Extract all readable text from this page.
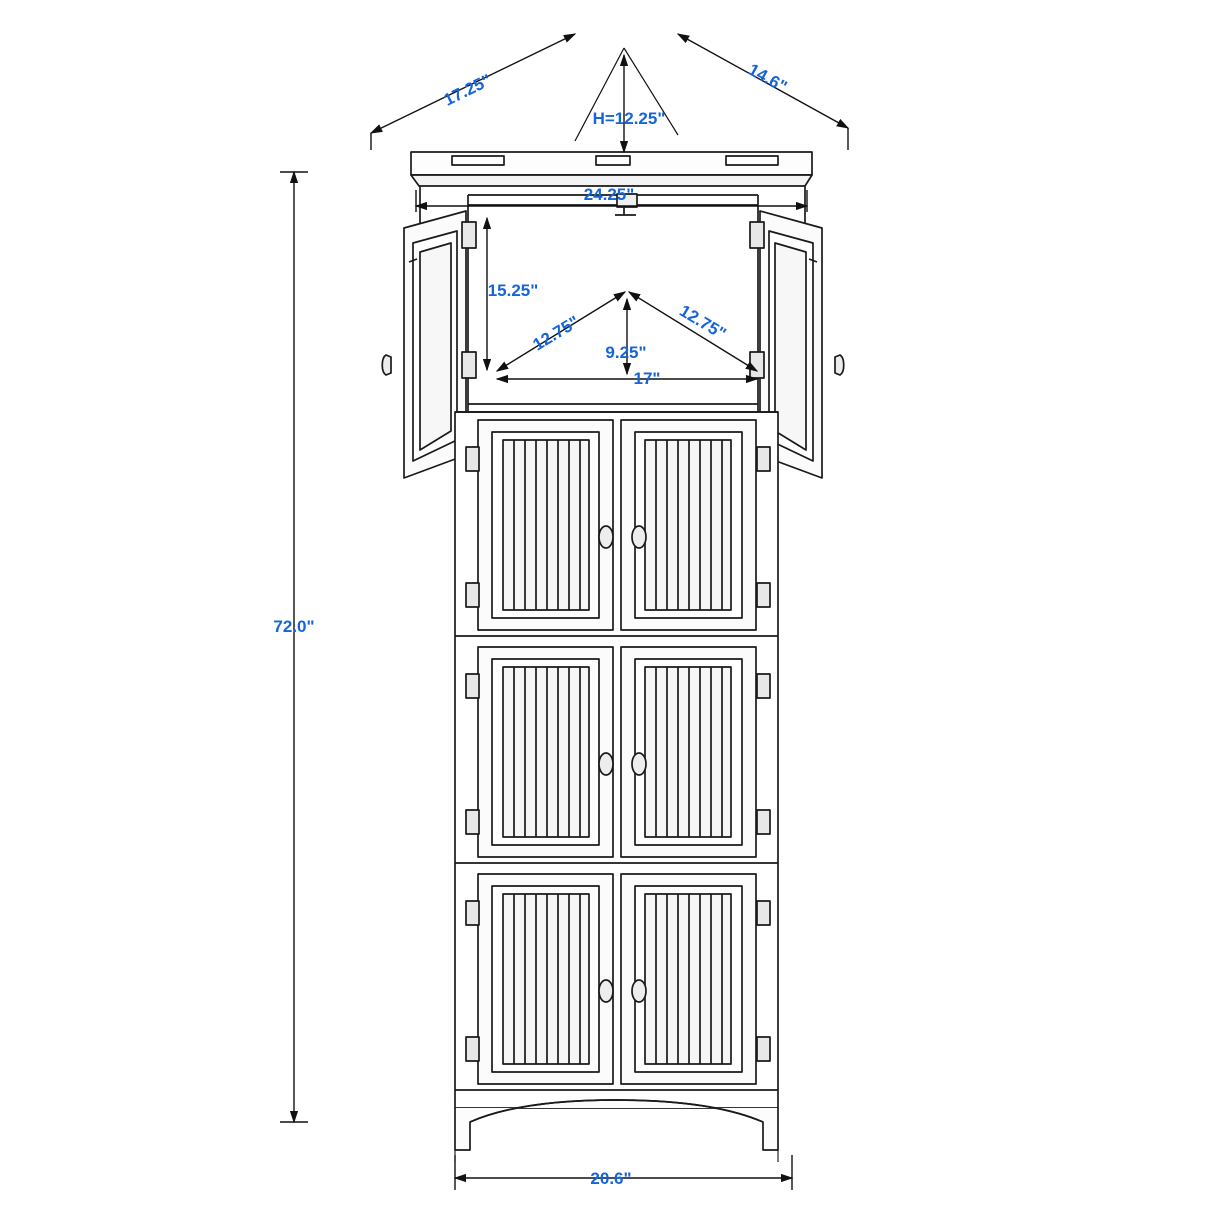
17.25"	14.6"
H=12.25"
24.25"
15.25"
12.75"	12.75"
9.25"
17"
72.0"
20.6"
